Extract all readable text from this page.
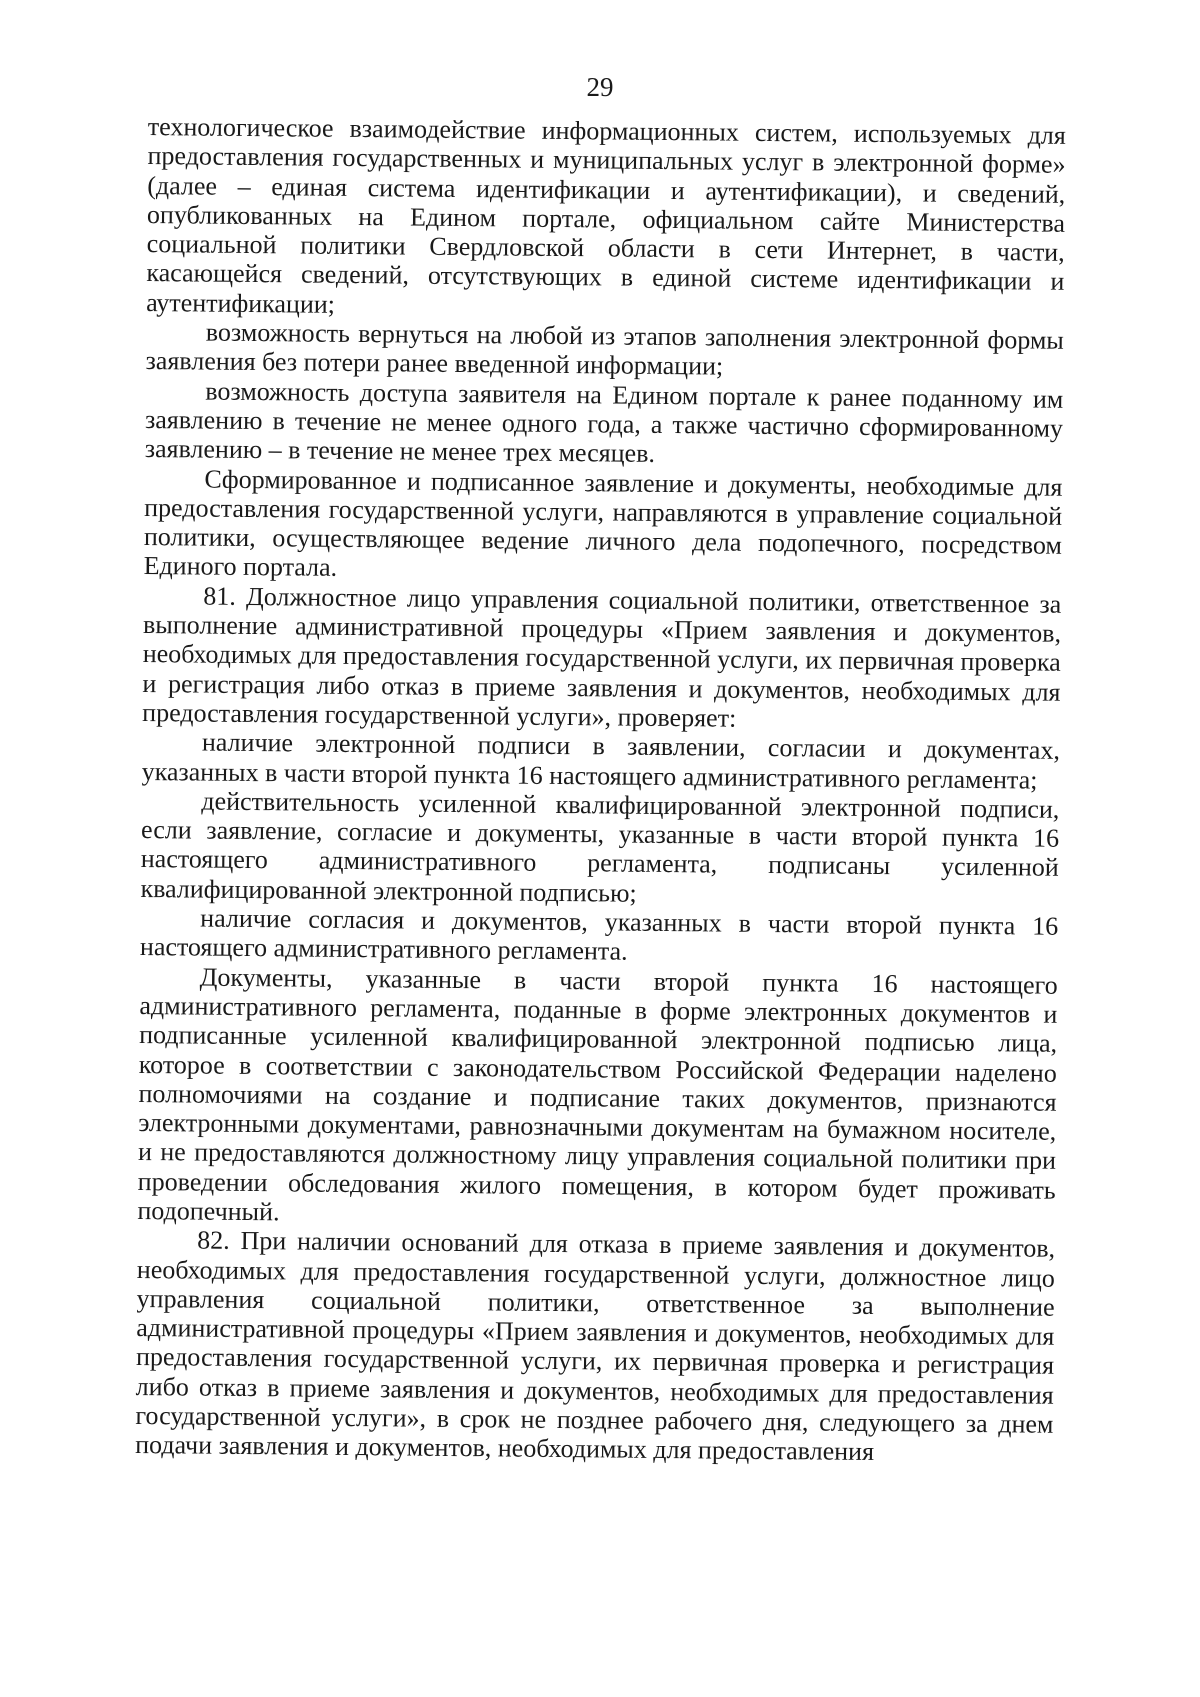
29

технологическое взаимодействие информационных систем, используемых для предоставления государственных и муниципальных услуг в электронной форме» (далее – единая система идентификации и аутентификации), и сведений, опубликованных на Едином портале, официальном сайте Министерства социальной политики Свердловской области в сети Интернет, в части, касающейся сведений, отсутствующих в единой системе идентификации и аутентификации;

возможность вернуться на любой из этапов заполнения электронной формы заявления без потери ранее введенной информации;

возможность доступа заявителя на Едином портале к ранее поданному им заявлению в течение не менее одного года, а также частично сформированному заявлению – в течение не менее трех месяцев.

Сформированное и подписанное заявление и документы, необходимые для предоставления государственной услуги, направляются в управление социальной политики, осуществляющее ведение личного дела подопечного, посредством Единого портала.

81. Должностное лицо управления социальной политики, ответственное за выполнение административной процедуры «Прием заявления и документов, необходимых для предоставления государственной услуги, их первичная проверка и регистрация либо отказ в приеме заявления и документов, необходимых для предоставления государственной услуги», проверяет:

наличие электронной подписи в заявлении, согласии и документах, указанных в части второй пункта 16 настоящего административного регламента;

действительность усиленной квалифицированной электронной подписи, если заявление, согласие и документы, указанные в части второй пункта 16 настоящего административного регламента, подписаны усиленной квалифицированной электронной подписью;

наличие согласия и документов, указанных в части второй пункта 16 настоящего административного регламента.

Документы, указанные в части второй пункта 16 настоящего административного регламента, поданные в форме электронных документов и подписанные усиленной квалифицированной электронной подписью лица, которое в соответствии с законодательством Российской Федерации наделено полномочиями на создание и подписание таких документов, признаются электронными документами, равнозначными документам на бумажном носителе, и не предоставляются должностному лицу управления социальной политики при проведении обследования жилого помещения, в котором будет проживать подопечный.

82. При наличии оснований для отказа в приеме заявления и документов, необходимых для предоставления государственной услуги, должностное лицо управления социальной политики, ответственное за выполнение административной процедуры «Прием заявления и документов, необходимых для предоставления государственной услуги, их первичная проверка и регистрация либо отказ в приеме заявления и документов, необходимых для предоставления государственной услуги», в срок не позднее рабочего дня, следующего за днем подачи заявления и документов, необходимых для предоставления
